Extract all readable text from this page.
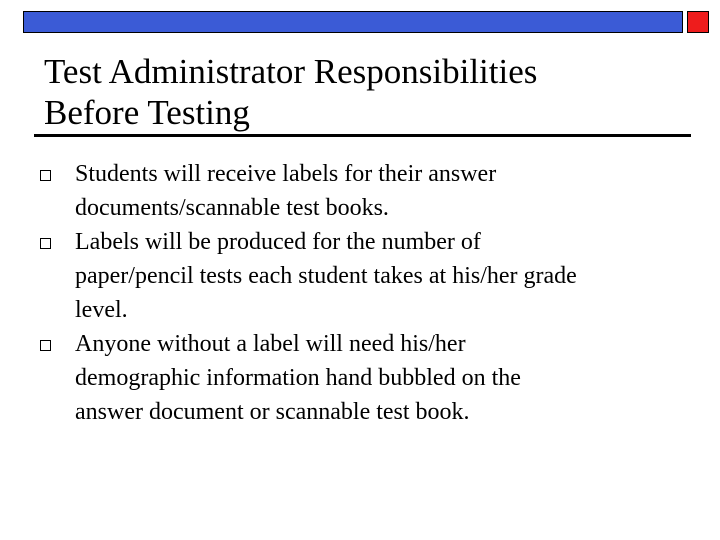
Test Administrator Responsibilities
Before Testing
Students will receive labels for their answer
documents/scannable test books.
Labels will be produced for the number of
paper/pencil tests each student takes at his/her grade
level.
Anyone without a label will need his/her
demographic information hand bubbled on the
answer document or scannable test book.
